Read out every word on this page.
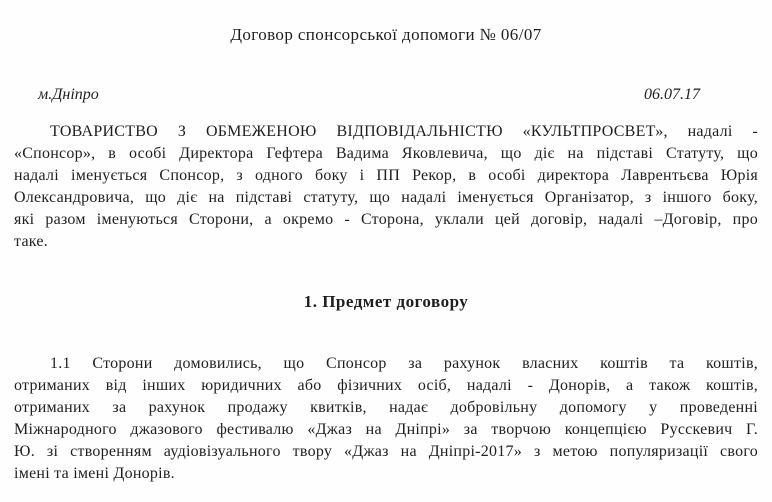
Договор спонсорської допомоги № 06/07
м.Дніпро	06.07.17
ТОВАРИСТВО З ОБМЕЖЕНОЮ ВІДПОВІДАЛЬНІСТЮ «КУЛЬТПРОСВЕТ», надалі -
«Спонсор», в особі Директора Гефтера Вадима Яковлевича, що діє на підставі Статуту, що
надалі іменується Спонсор, з одного боку і ПП Рекор, в особі директора Лаврентьєва Юрія
Олександровича, що діє на підставі статуту, що надалі іменується Організатор, з іншого боку,
які разом іменуються Сторони, а окремо - Сторона, уклали цей договір, надалі –Договір, про
таке.
1. Предмет договору
1.1 Сторони домовились, що Спонсор за рахунок власних коштів та коштів,
отриманих від інших юридичних або фізичних осіб, надалі - Донорів, а також коштів,
отриманих за рахунок продажу квитків, надає добровільну допомогу у проведенні
Міжнародного джазового фестивалю «Джаз на Дніпрі» за творчою концепцією Русскевич Г.
Ю. зі створенням аудіовізуального твору «Джаз на Дніпрі-2017» з метою популяризації свого
імені та імені Донорів.
